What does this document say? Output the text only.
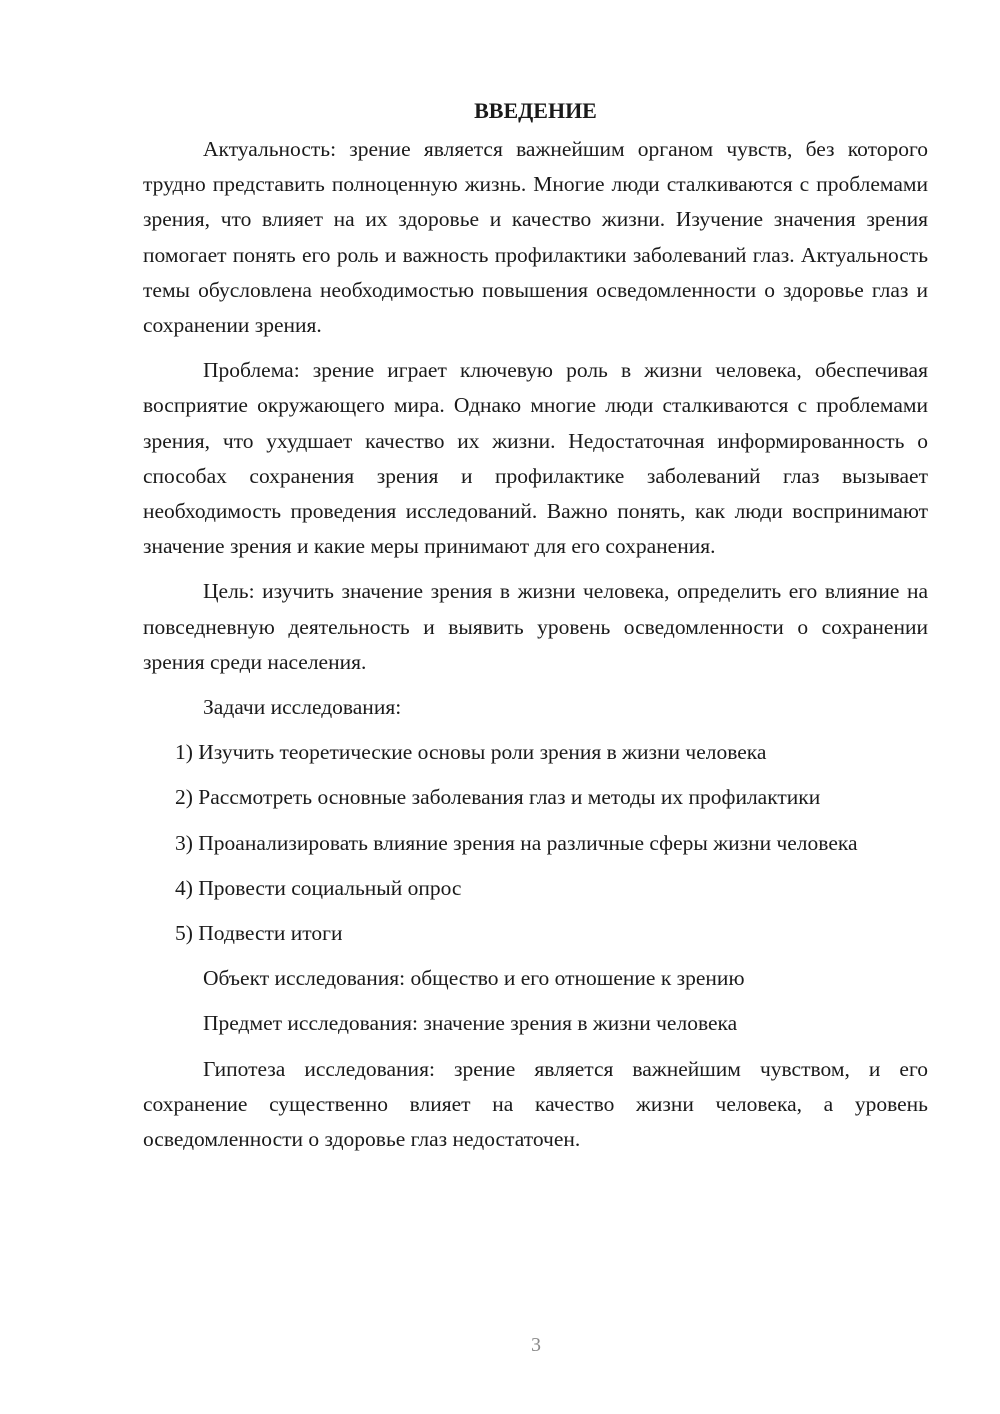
ВВЕДЕНИЕ

Актуальность: зрение является важнейшим органом чувств, без которого трудно представить полноценную жизнь. Многие люди сталкиваются с проблемами зрения, что влияет на их здоровье и качество жизни. Изучение значения зрения помогает понять его роль и важность профилактики заболеваний глаз. Актуальность темы обусловлена необходимостью повышения осведомленности о здоровье глаз и сохранении зрения.

Проблема: зрение играет ключевую роль в жизни человека, обеспечивая восприятие окружающего мира. Однако многие люди сталкиваются с проблемами зрения, что ухудшает качество их жизни. Недостаточная информированность о способах сохранения зрения и профилактике заболеваний глаз вызывает необходимость проведения исследований. Важно понять, как люди воспринимают значение зрения и какие меры принимают для его сохранения.

Цель: изучить значение зрения в жизни человека, определить его влияние на повседневную деятельность и выявить уровень осведомленности о сохранении зрения среди населения.

Задачи исследования:

1) Изучить теоретические основы роли зрения в жизни человека

2) Рассмотреть основные заболевания глаз и методы их профилактики

3) Проанализировать влияние зрения на различные сферы жизни человека

4) Провести социальный опрос

5) Подвести итоги

Объект исследования: общество и его отношение к зрению

Предмет исследования: значение зрения в жизни человека

Гипотеза исследования: зрение является важнейшим чувством, и его сохранение существенно влияет на качество жизни человека, а уровень осведомленности о здоровье глаз недостаточен.

3
